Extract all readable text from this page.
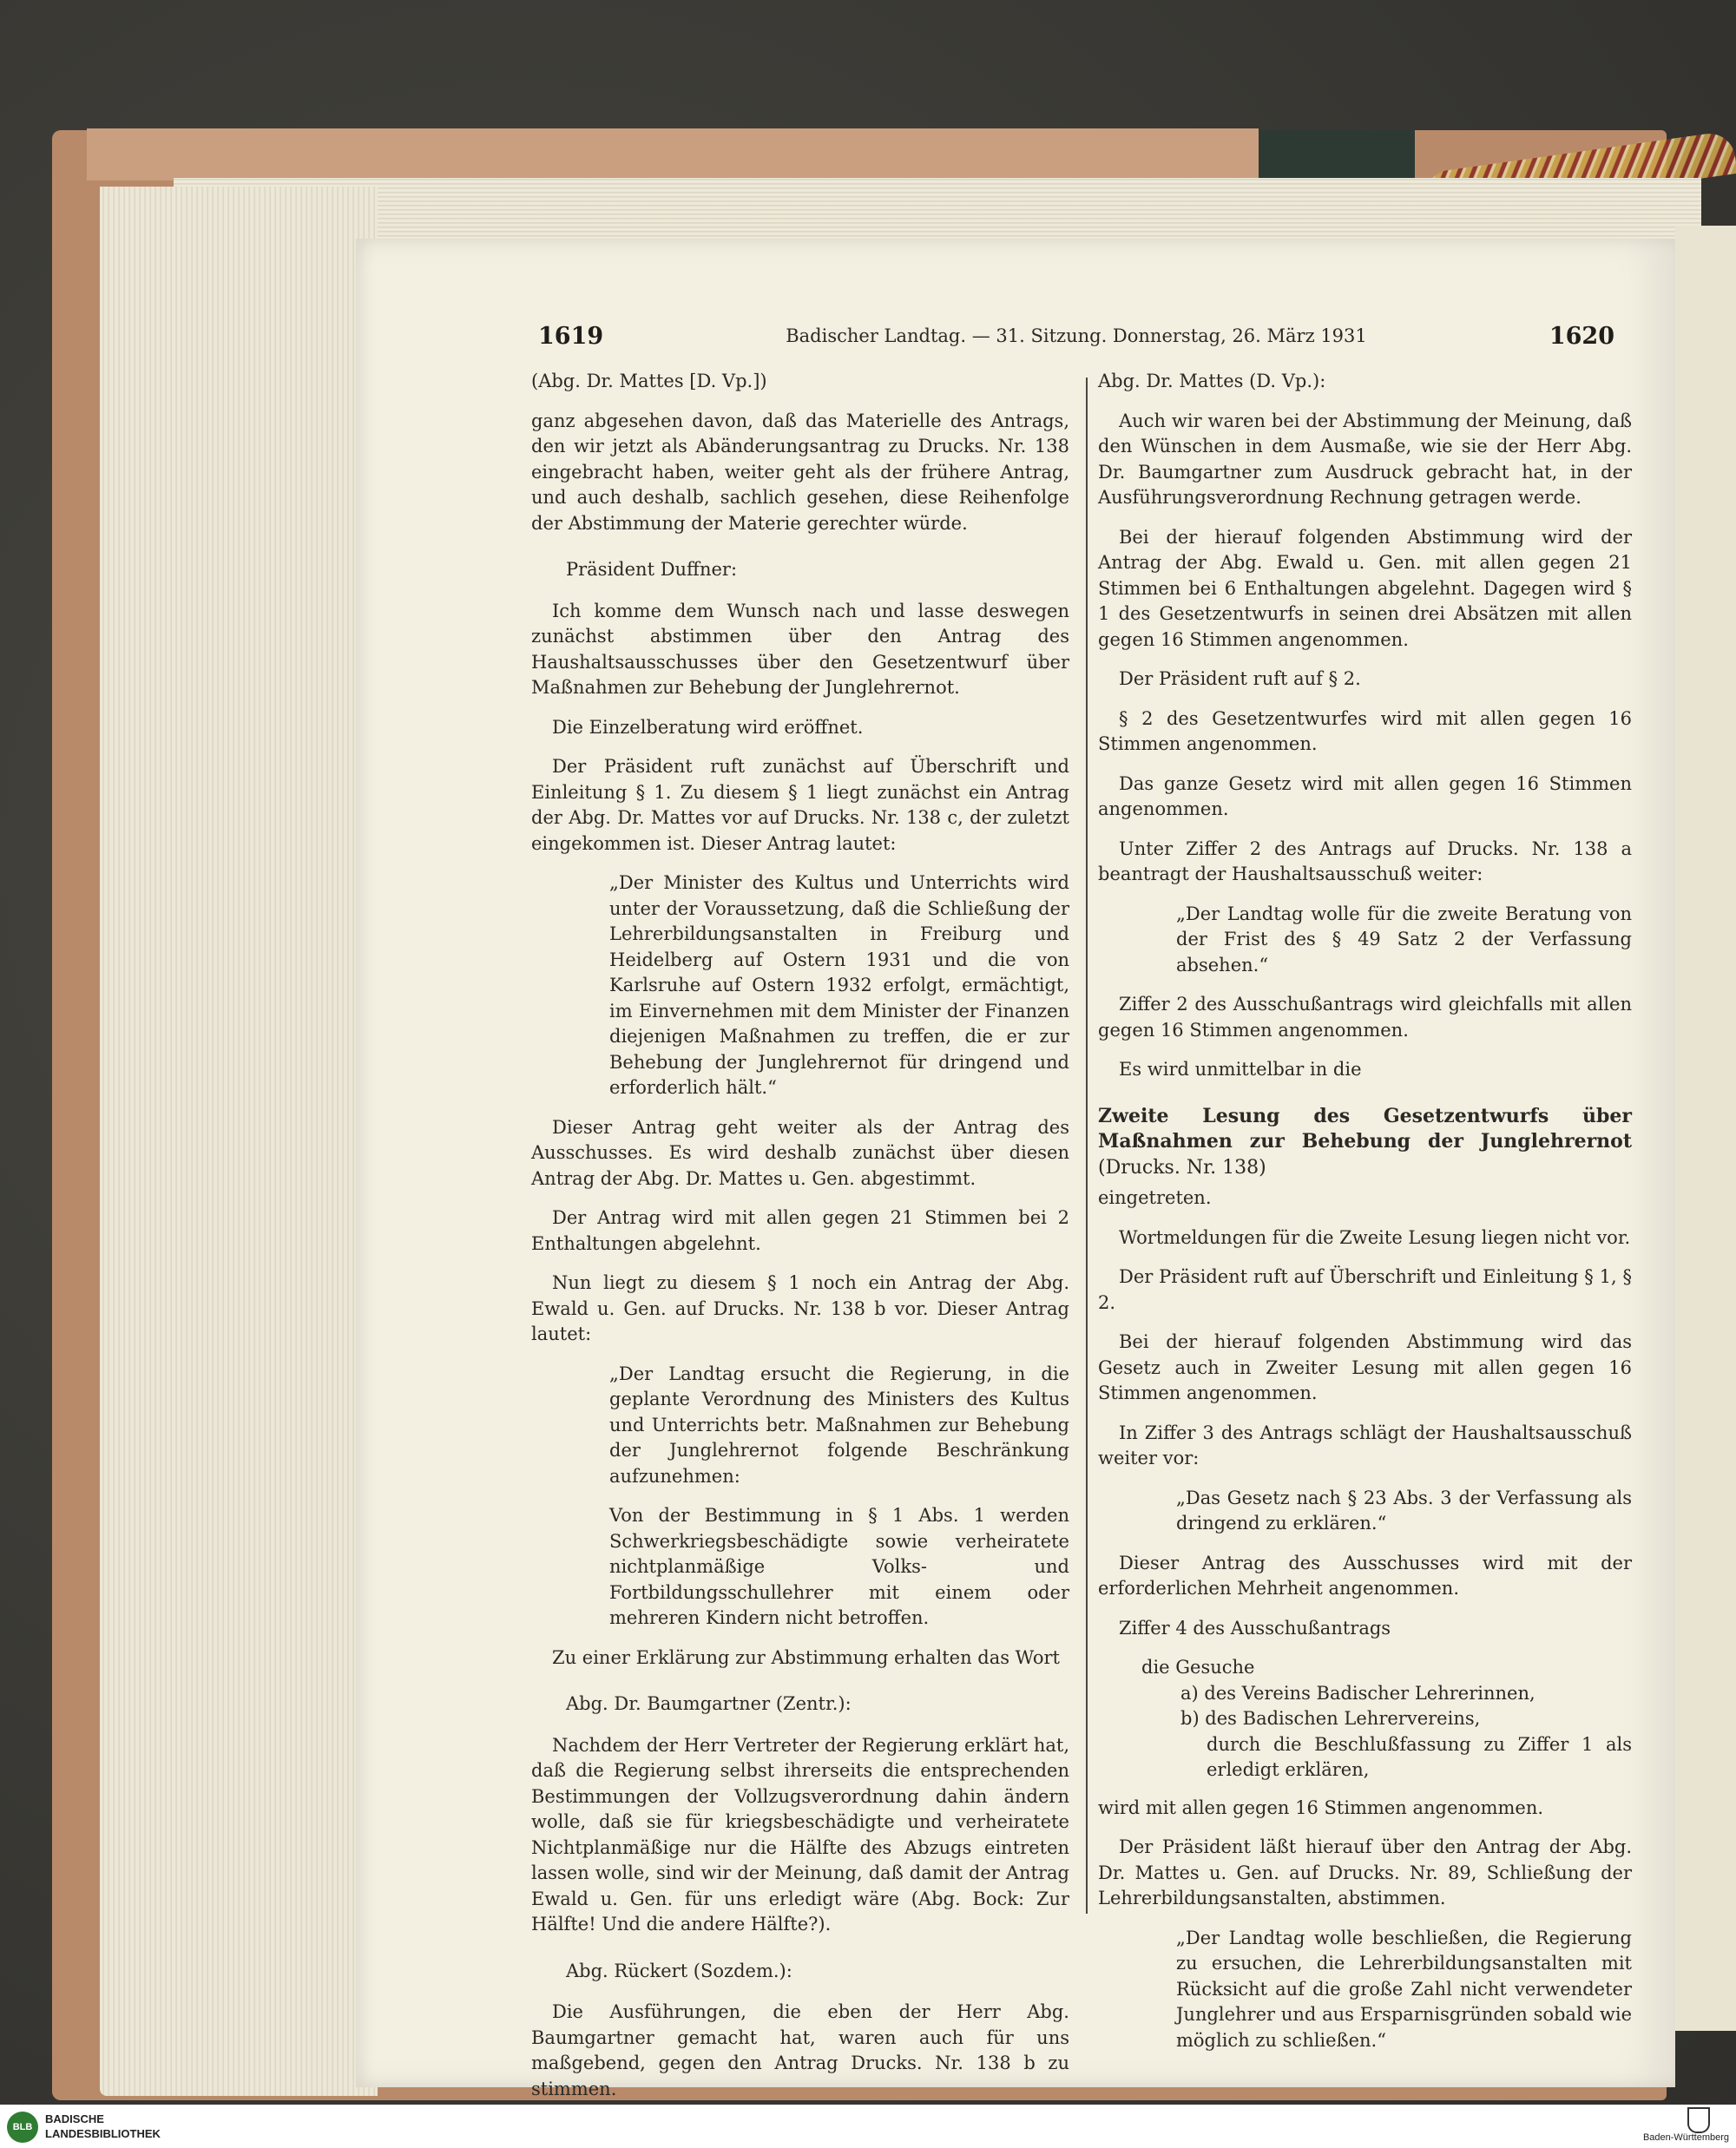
1619	Badischer Landtag. — 31. Sitzung. Donnerstag, 26. März 1931	1620

(Abg. Dr. Mattes [D. Vp.])

ganz abgesehen davon, daß das Materielle des Antrags, den wir jetzt als Abänderungsantrag zu Drucks. Nr. 138 eingebracht haben, weiter geht als der frühere Antrag, und auch deshalb, sachlich gesehen, diese Reihenfolge der Abstimmung der Materie gerechter würde.

Präsident Duffner:

Ich komme dem Wunsch nach und lasse deswegen zunächst abstimmen über den Antrag des Haushaltsausschusses über den Gesetzentwurf über Maßnahmen zur Behebung der Junglehrernot.

Die Einzelberatung wird eröffnet.

Der Präsident ruft zunächst auf Überschrift und Einleitung § 1. Zu diesem § 1 liegt zunächst ein Antrag der Abg. Dr. Mattes vor auf Drucks. Nr. 138 c, der zuletzt eingekommen ist. Dieser Antrag lautet:

„Der Minister des Kultus und Unterrichts wird unter der Voraussetzung, daß die Schließung der Lehrerbildungsanstalten in Freiburg und Heidelberg auf Ostern 1931 und die von Karlsruhe auf Ostern 1932 erfolgt, ermächtigt, im Einvernehmen mit dem Minister der Finanzen diejenigen Maßnahmen zu treffen, die er zur Behebung der Junglehrernot für dringend und erforderlich hält.“

Dieser Antrag geht weiter als der Antrag des Ausschusses. Es wird deshalb zunächst über diesen Antrag der Abg. Dr. Mattes u. Gen. abgestimmt.

Der Antrag wird mit allen gegen 21 Stimmen bei 2 Enthaltungen abgelehnt.

Nun liegt zu diesem § 1 noch ein Antrag der Abg. Ewald u. Gen. auf Drucks. Nr. 138 b vor. Dieser Antrag lautet:

„Der Landtag ersucht die Regierung, in die geplante Verordnung des Ministers des Kultus und Unterrichts betr. Maßnahmen zur Behebung der Junglehrernot folgende Beschränkung aufzunehmen:

Von der Bestimmung in § 1 Abs. 1 werden Schwerkriegsbeschädigte sowie verheiratete nichtplanmäßige Volks- und Fortbildungsschullehrer mit einem oder mehreren Kindern nicht betroffen.

Zu einer Erklärung zur Abstimmung erhalten das Wort

Abg. Dr. Baumgartner (Zentr.):

Nachdem der Herr Vertreter der Regierung erklärt hat, daß die Regierung selbst ihrerseits die entsprechenden Bestimmungen der Vollzugsverordnung dahin ändern wolle, daß sie für kriegsbeschädigte und verheiratete Nichtplanmäßige nur die Hälfte des Abzugs eintreten lassen wolle, sind wir der Meinung, daß damit der Antrag Ewald u. Gen. für uns erledigt wäre (Abg. Bock: Zur Hälfte! Und die andere Hälfte?).

Abg. Rückert (Sozdem.):

Die Ausführungen, die eben der Herr Abg. Baumgartner gemacht hat, waren auch für uns maßgebend, gegen den Antrag Drucks. Nr. 138 b zu stimmen.

Abg. Dr. Mattes (D. Vp.):

Auch wir waren bei der Abstimmung der Meinung, daß den Wünschen in dem Ausmaße, wie sie der Herr Abg. Dr. Baumgartner zum Ausdruck gebracht hat, in der Ausführungsverordnung Rechnung getragen werde.

Bei der hierauf folgenden Abstimmung wird der Antrag der Abg. Ewald u. Gen. mit allen gegen 21 Stimmen bei 6 Enthaltungen abgelehnt. Dagegen wird § 1 des Gesetzentwurfs in seinen drei Absätzen mit allen gegen 16 Stimmen angenommen.

Der Präsident ruft auf § 2.

§ 2 des Gesetzentwurfes wird mit allen gegen 16 Stimmen angenommen.

Das ganze Gesetz wird mit allen gegen 16 Stimmen angenommen.

Unter Ziffer 2 des Antrags auf Drucks. Nr. 138 a beantragt der Haushaltsausschuß weiter:

„Der Landtag wolle für die zweite Beratung von der Frist des § 49 Satz 2 der Verfassung absehen.“

Ziffer 2 des Ausschußantrags wird gleichfalls mit allen gegen 16 Stimmen angenommen.

Es wird unmittelbar in die

Zweite Lesung des Gesetzentwurfs über Maßnahmen zur Behebung der Junglehrernot (Drucks. Nr. 138)

eingetreten.

Wortmeldungen für die Zweite Lesung liegen nicht vor.

Der Präsident ruft auf Überschrift und Einleitung § 1, § 2.

Bei der hierauf folgenden Abstimmung wird das Gesetz auch in Zweiter Lesung mit allen gegen 16 Stimmen angenommen.

In Ziffer 3 des Antrags schlägt der Haushaltsausschuß weiter vor:

„Das Gesetz nach § 23 Abs. 3 der Verfassung als dringend zu erklären.“

Dieser Antrag des Ausschusses wird mit der erforderlichen Mehrheit angenommen.

Ziffer 4 des Ausschußantrags

die Gesuche

a) des Vereins Badischer Lehrerinnen,

b) des Badischen Lehrervereins,

durch die Beschlußfassung zu Ziffer 1 als erledigt erklären,

wird mit allen gegen 16 Stimmen angenommen.

Der Präsident läßt hierauf über den Antrag der Abg. Dr. Mattes u. Gen. auf Drucks. Nr. 89, Schließung der Lehrerbildungsanstalten, abstimmen.

„Der Landtag wolle beschließen, die Regierung zu ersuchen, die Lehrerbildungsanstalten mit Rücksicht auf die große Zahl nicht verwendeter Junglehrer und aus Ersparnisgründen sobald wie möglich zu schließen.“

BLB
BADISCHE
LANDESBIBLIOTHEK	Baden-Württemberg
